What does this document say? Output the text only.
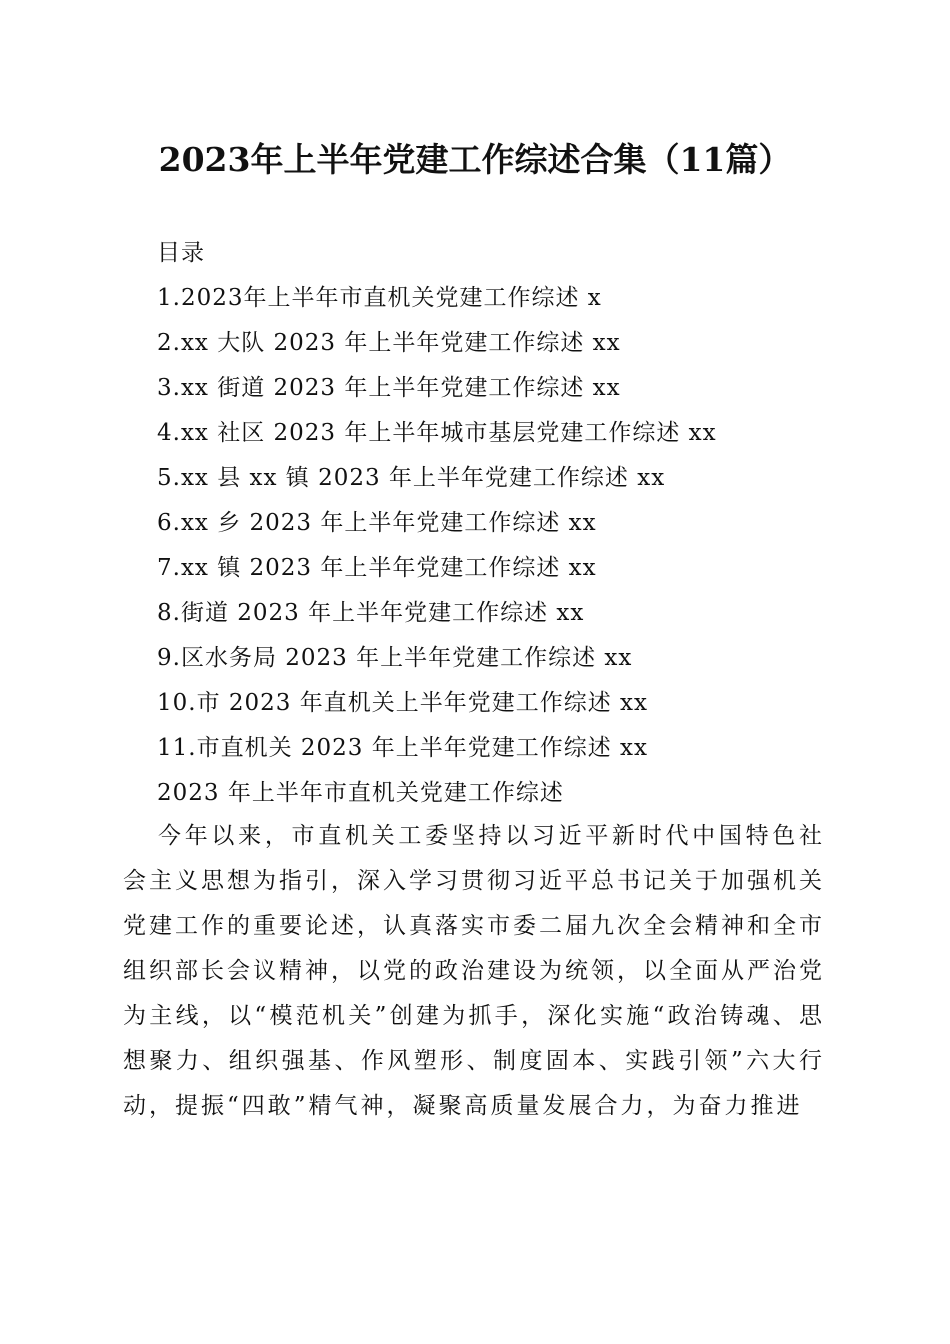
2023年上半年党建工作综述合集（11篇）
目录
1.2023年上半年市直机关党建工作综述 x
2.xx 大队 2023 年上半年党建工作综述 xx
3.xx 街道 2023 年上半年党建工作综述 xx
4.xx 社区 2023 年上半年城市基层党建工作综述 xx
5.xx 县 xx 镇 2023 年上半年党建工作综述 xx
6.xx 乡 2023 年上半年党建工作综述 xx
7.xx 镇 2023 年上半年党建工作综述 xx
8.街道 2023 年上半年党建工作综述 xx
9.区水务局 2023 年上半年党建工作综述 xx
10.市 2023 年直机关上半年党建工作综述 xx
11.市直机关 2023 年上半年党建工作综述 xx
2023 年上半年市直机关党建工作综述

今年以来，市直机关工委坚持以习近平新时代中国特色社会主义思想为指引，深入学习贯彻习近平总书记关于加强机关党建工作的重要论述，认真落实市委二届九次全会精神和全市组织部长会议精神，以党的政治建设为统领，以全面从严治党为主线，以“模范机关”创建为抓手，深化实施“政治铸魂、思想聚力、组织强基、作风塑形、制度固本、实践引领”六大行动，提振“四敢”精气神，凝聚高质量发展合力，为奋力推进
